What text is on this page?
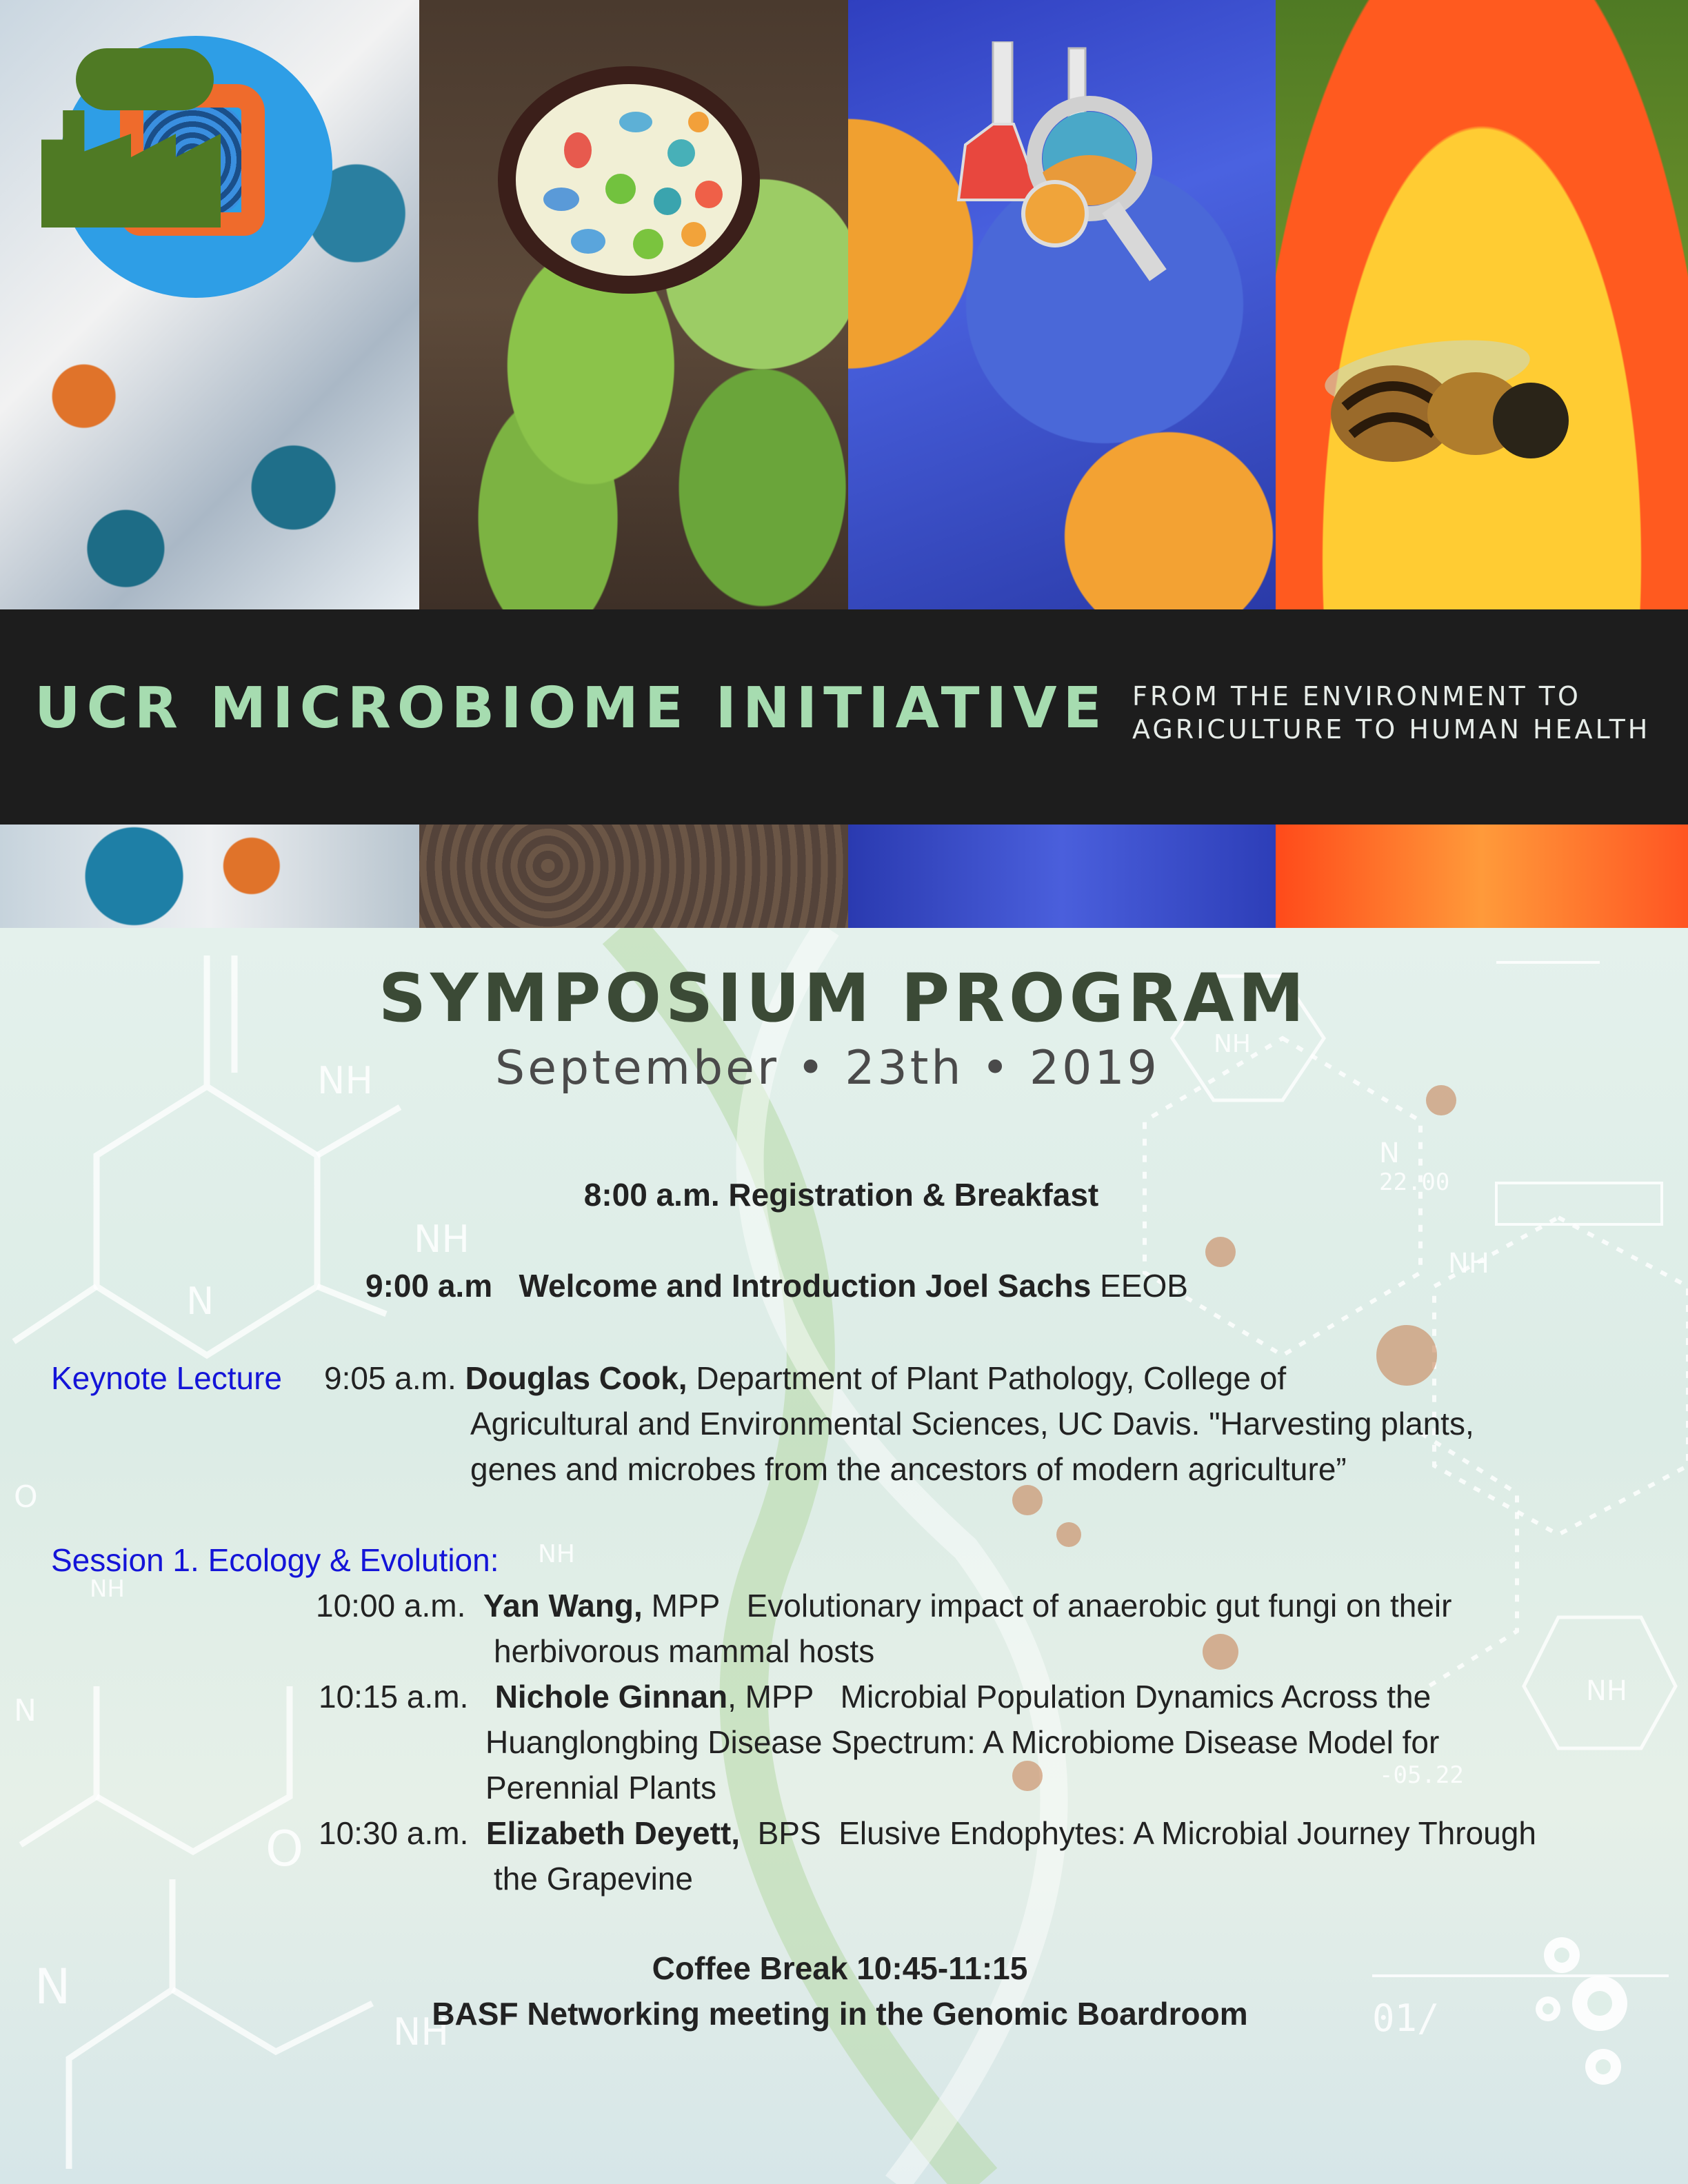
UCR MICROBIOME INITIATIVE FROM THE ENVIRONMENT TO
AGRICULTURE TO HUMAN HEALTH
NH
NH
N
N
NH
NH
NH
NH
O
O
N
NH
N
NH
22.00
-05.22
01/
SYMPOSIUM PROGRAM
September • 23th • 2019
8:00 a.m. Registration & Breakfast
9:00 a.m Welcome and Introduction Joel Sachs EEOB
Keynote Lecture 9:05 a.m. Douglas Cook, Department of Plant Pathology, College of
Agricultural and Environmental Sciences, UC Davis. "Harvesting plants,
genes and microbes from the ancestors of modern agriculture”
Session 1. Ecology & Evolution:
10:00 a.m. Yan Wang, MPP Evolutionary impact of anaerobic gut fungi on their
herbivorous mammal hosts
10:15 a.m. Nichole Ginnan, MPP Microbial Population Dynamics Across the
Huanglongbing Disease Spectrum: A Microbiome Disease Model for
Perennial Plants
10:30 a.m. Elizabeth Deyett, BPS Elusive Endophytes: A Microbial Journey Through
the Grapevine
Coffee Break 10:45-11:15
BASF Networking meeting in the Genomic Boardroom
